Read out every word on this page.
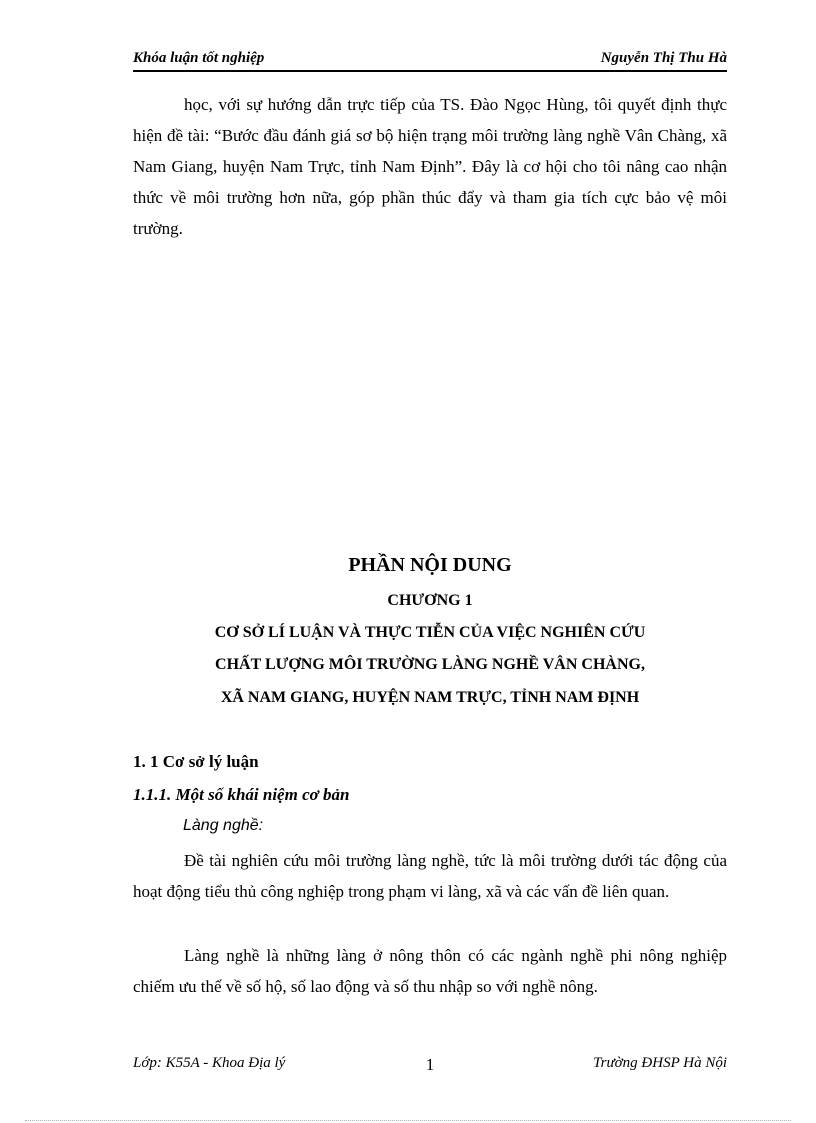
Khóa luận tốt nghiệp	Nguyễn Thị Thu Hà

học, với sự hướng dẫn trực tiếp của TS. Đào Ngọc Hùng, tôi quyết định thực hiện đề tài: “Bước đầu đánh giá sơ bộ hiện trạng môi trường làng nghề Vân Chàng, xã Nam Giang, huyện Nam Trực, tỉnh Nam Định”. Đây là cơ hội cho tôi nâng cao nhận thức về môi trường hơn nữa, góp phần thúc đẩy và tham gia tích cực bảo vệ môi trường.

PHẦN NỘI DUNG

CHƯƠNG 1

CƠ SỞ LÍ LUẬN VÀ THỰC TIỄN CỦA VIỆC NGHIÊN CỨU

CHẤT LƯỢNG MÔI TRƯỜNG LÀNG NGHỀ VÂN CHÀNG,

XÃ NAM GIANG, HUYỆN NAM TRỰC, TỈNH NAM ĐỊNH

1. 1 Cơ sở lý luận

1.1.1. Một số khái niệm cơ bản

Làng nghề:

Đề tài nghiên cứu môi trường làng nghề, tức là môi trường dưới tác động của hoạt động tiểu thủ công nghiệp trong phạm vi làng, xã và các vấn đề liên quan.

Làng nghề là những làng ở nông thôn có các ngành nghề phi nông nghiệp chiếm ưu thế về số hộ, số lao động và số thu nhập so với nghề nông.

Lớp: K55A - Khoa Địa lý	1	Trường ĐHSP Hà Nội
